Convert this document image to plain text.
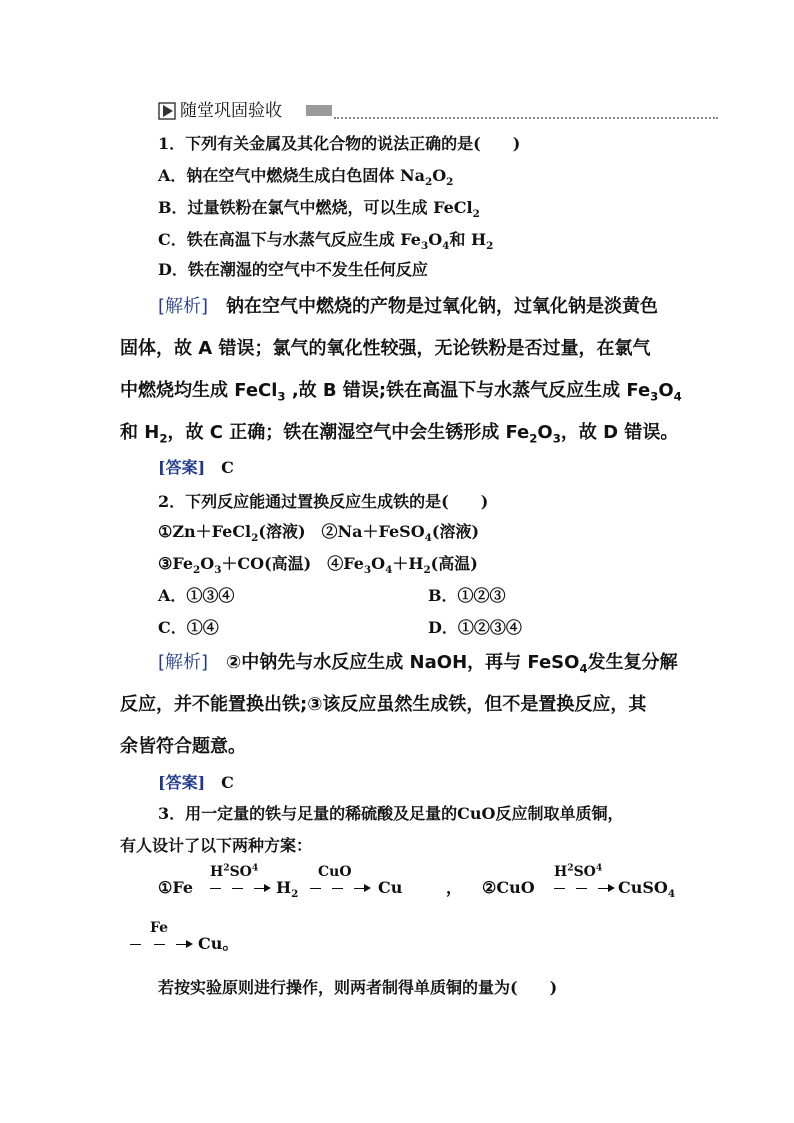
随堂巩固验收
1．下列有关金属及其化合物的说法正确的是(　　)
A．钠在空气中燃烧生成白色固体 $Na_2O_2$
B．过量铁粉在氯气中燃烧，可以生成 FeCl$_2$
C．铁在高温下与水蒸气反应生成 $Fe_3O_4$和 $H_2$
D．铁在潮湿的空气中不发生任何反应
[解析]　 钠在空气中燃烧的产物是过氧化钠，过氧化钠是淡黄色
固体，故 A 错误；氯气的氧化性较强，无论铁粉是否过量，在氯气
中燃烧均生成 FeCl$_3$ ,故 B 错误;铁在高温下与水蒸气反应生成 $Fe_3O_4$
和 $H_2$，故 C 正确；铁在潮湿空气中会生锈形成 $Fe_2O_3$，故 D 错误。
[答案]　 C
2．下列反应能通过置换反应生成铁的是(　　)
①Zn＋FeCl$_2$(溶液)　②Na＋FeSO$_4$(溶液)
$③Fe_2O_3+CO$(高温)　$④Fe_3O_4+H_2$(高温)
A．①③④	B．①②③
C．①④	D．①②③④
[解析]　 ②中钠先与水反应生成 NaOH，再与 FeSO$_4$发生复分解
反应，并不能置换出铁;③该反应虽然生成铁，但不是置换反应，其
余皆符合题意。
[答案]　 C
3．用一定量的铁与足量的稀硫酸及足量的CuO反应制取单质铜，
有人设计了以下两种方案：
①Fe
$H^2SO^4$
$H_2$
CuO
Cu	， ②CuO
$H^2SO^4$
CuSO$_4$
Fe
Cu。
若按实验原则进行操作，则两者制得单质铜的量为(　　)
